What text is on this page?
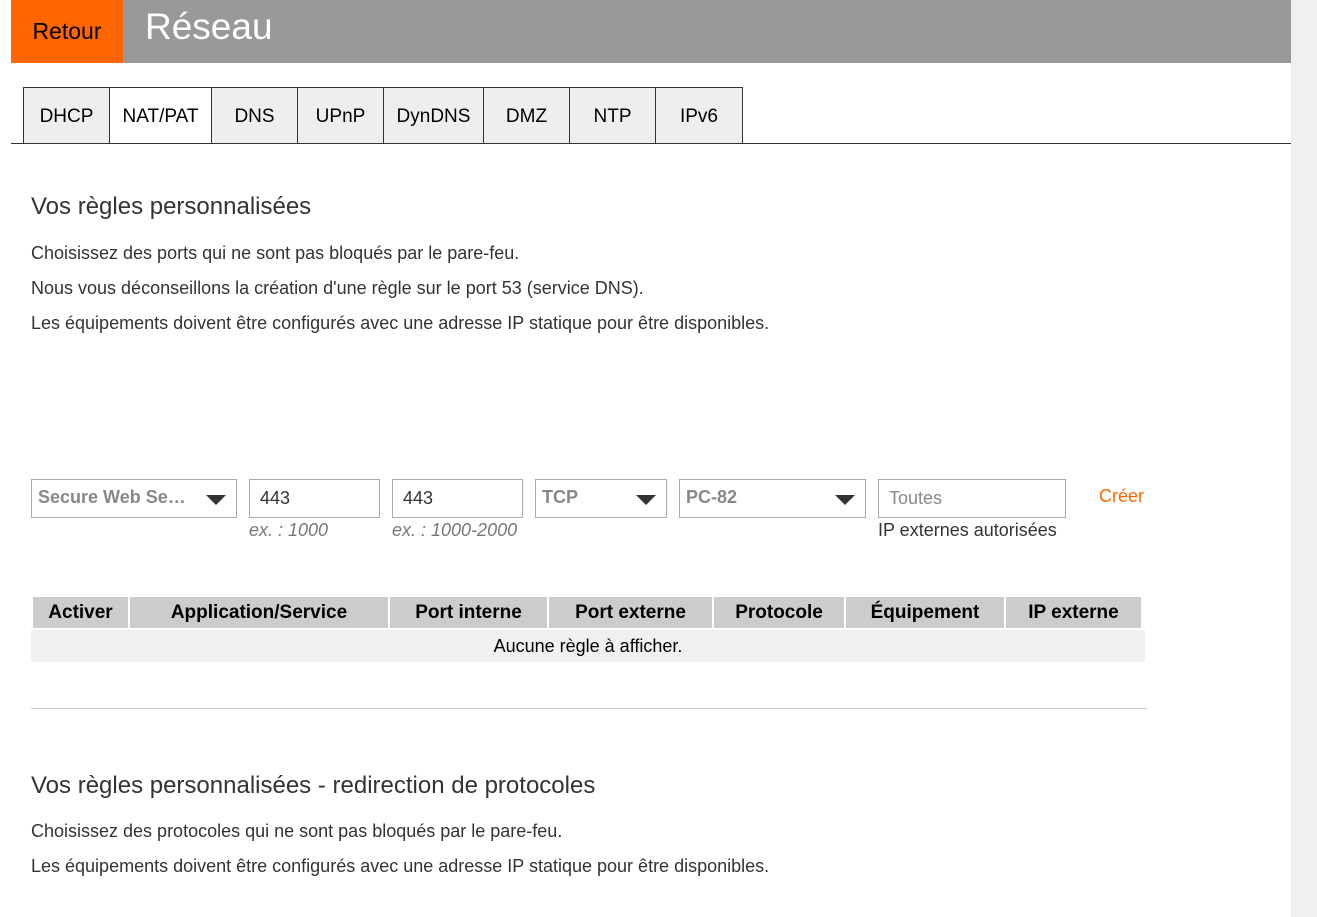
Retour	Réseau
DHCP	NAT/PAT	DNS	UPnP	DynDNS	DMZ	NTP	IPv6
Vos règles personnalisées
Choisissez des ports qui ne sont pas bloqués par le pare-feu.
Nous vous déconseillons la création d'une règle sur le port 53 (service DNS).
Les équipements doivent être configurés avec une adresse IP statique pour être disponibles.
Secure Web Se…	443
ex. : 1000
443
ex. : 1000-2000
TCP	PC-82	Toutes
IP externes autorisées
Créer
Activer	Application/Service	Port interne	Port externe	Protocole	Équipement	IP externe
Aucune règle à afficher.
Vos règles personnalisées - redirection de protocoles
Choisissez des protocoles qui ne sont pas bloqués par le pare-feu.
Les équipements doivent être configurés avec une adresse IP statique pour être disponibles.
